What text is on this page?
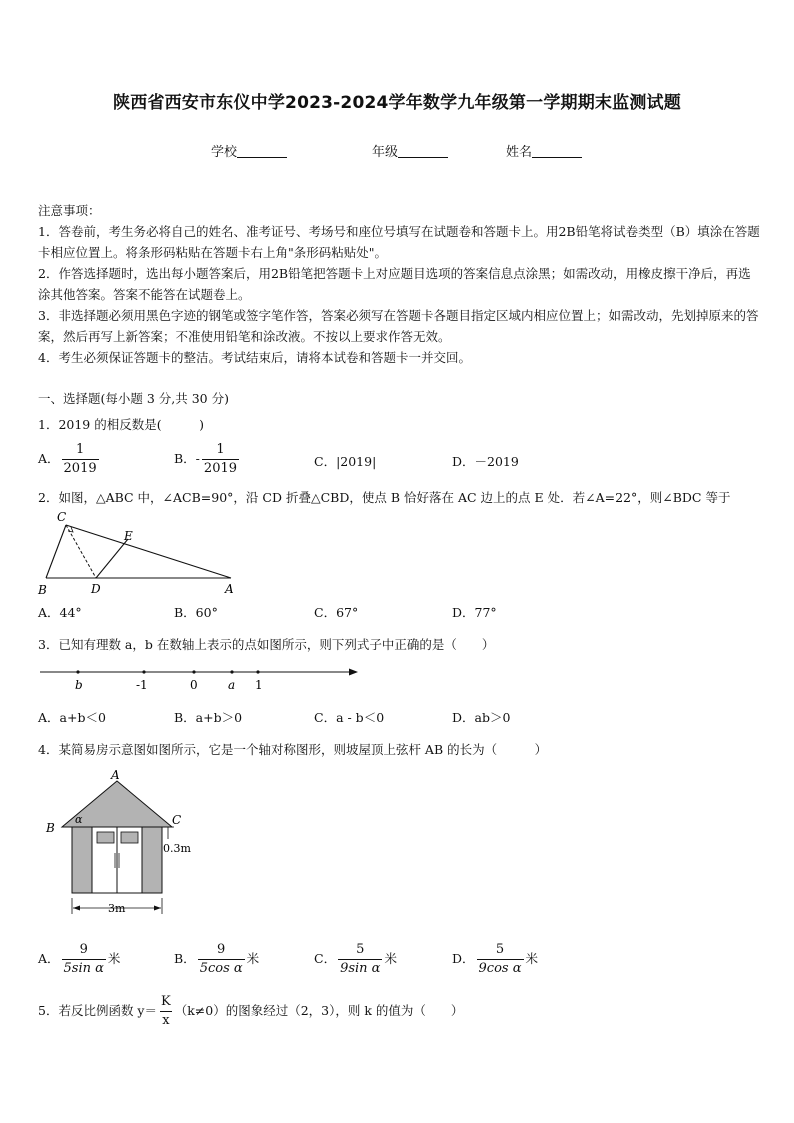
陕西省西安市东仪中学2023-2024学年数学九年级第一学期期末监测试题
学校	年级	姓名
注意事项：
1．答卷前，考生务必将自己的姓名、准考证号、考场号和座位号填写在试题卷和答题卡上。用2B铅笔将试卷类型（B）填涂在答题卡相应位置上。将条形码粘贴在答题卡右上角"条形码粘贴处"。
2．作答选择题时，选出每小题答案后，用2B铅笔把答题卡上对应题目选项的答案信息点涂黑；如需改动，用橡皮擦干净后，再选涂其他答案。答案不能答在试题卷上。
3．非选择题必须用黑色字迹的钢笔或签字笔作答，答案必须写在答题卡各题目指定区域内相应位置上；如需改动，先划掉原来的答案，然后再写上新答案；不准使用铅笔和涂改液。不按以上要求作答无效。
4．考生必须保证答题卡的整洁。考试结束后，请将本试卷和答题卡一并交回。
一、选择题(每小题 3 分,共 30 分)
1．2019 的相反数是(　　　)
A． $\frac{1}{2019}$	B．- $\frac{1}{2019}$	C．|2019|	D．－2019
2．如图，△ABC 中，∠ACB=90°，沿 CD 折叠△CBD，使点 B 恰好落在 AC 边上的点 E 处．若∠A=22°，则∠BDC 等于
C
E
B	D	A
A．44°	B．60°	C．67°	D．77°
3．已知有理数 a，b 在数轴上表示的点如图所示，则下列式子中正确的是（　　）
b	-1	0	a 1
A．a+b＜0	B．a+b＞0	C．a - b＜0	D．ab＞0
4．某简易房示意图如图所示，它是一个轴对称图形，则坡屋顶上弦杆 AB 的长为（　　　）
A
B
C
α
0.3m
3m
A． $\frac{9}{\text{5sin α}}$ 米	B． $\frac{9}{\text{5cos α}}$ 米	C． $\frac{5}{\text{9sin α}}$ 米	D． $\frac{5}{\text{9cos α}}$ 米
5．若反比例函数 $y= \frac{K}{x} (k\ne 0)$的图象经过（2，3），则 k 的值为（　　）
